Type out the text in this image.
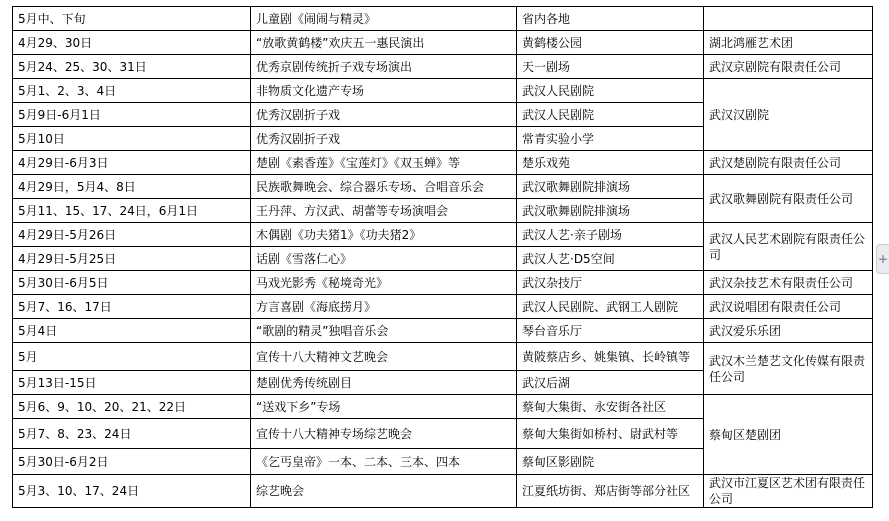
5月中、下旬	儿童剧《闹闹与精灵》	省内各地	
4月29、30日	“放歌黄鹤楼”欢庆五一惠民演出	黄鹤楼公园	湖北鸿雁艺术团
5月24、25、30、31日	优秀京剧传统折子戏专场演出	天一剧场	武汉京剧院有限责任公司
5月1、2、3、4日	非物质文化遗产专场	武汉人民剧院	武汉汉剧院
5月9日-6月1日	优秀汉剧折子戏	武汉人民剧院	
5月10日	优秀汉剧折子戏	常青实验小学	
4月29日-6月3日	楚剧《素香莲》《宝莲灯》《双玉蝉》等	楚乐戏苑	武汉楚剧院有限责任公司
4月29日，5月4、8日	民族歌舞晚会、综合器乐专场、合唱音乐会	武汉歌舞剧院排演场	武汉歌舞剧院有限责任公司
5月11、15、17、24日，6月1日	王丹萍、方汉武、胡蕾等专场演唱会	武汉歌舞剧院排演场	
4月29日-5月26日	木偶剧《功夫猪1》《功夫猪2》	武汉人艺·亲子剧场	武汉人民艺术剧院有限责任公司
4月29日-5月25日	话剧《雪落仁心》	武汉人艺·D5空间	
5月30日-6月5日	马戏光影秀《秘境奇光》	武汉杂技厅	武汉杂技艺术有限责任公司
5月7、16、17日	方言喜剧《海底捞月》	武汉人民剧院、武钢工人剧院	武汉说唱团有限责任公司
5月4日	“歌剧的精灵”独唱音乐会	琴台音乐厅	武汉爱乐乐团
5月	宣传十八大精神文艺晚会	黄陂蔡店乡、姚集镇、长岭镇等	武汉木兰楚艺文化传媒有限责任公司
5月13日-15日	楚剧优秀传统剧目	武汉后湖	
5月6、9、10、20、21、22日	“送戏下乡”专场	蔡甸大集街、永安街各社区	蔡甸区楚剧团
5月7、8、23、24日	宣传十八大精神专场综艺晚会	蔡甸大集街如桥村、尉武村等	
5月30日-6月2日	《乞丐皇帝》一本、二本、三本、四本	蔡甸区影剧院	
5月3、10、17、24日	综艺晚会	江夏纸坊街、郑店街等部分社区	武汉市江夏区艺术团有限责任公司
+
